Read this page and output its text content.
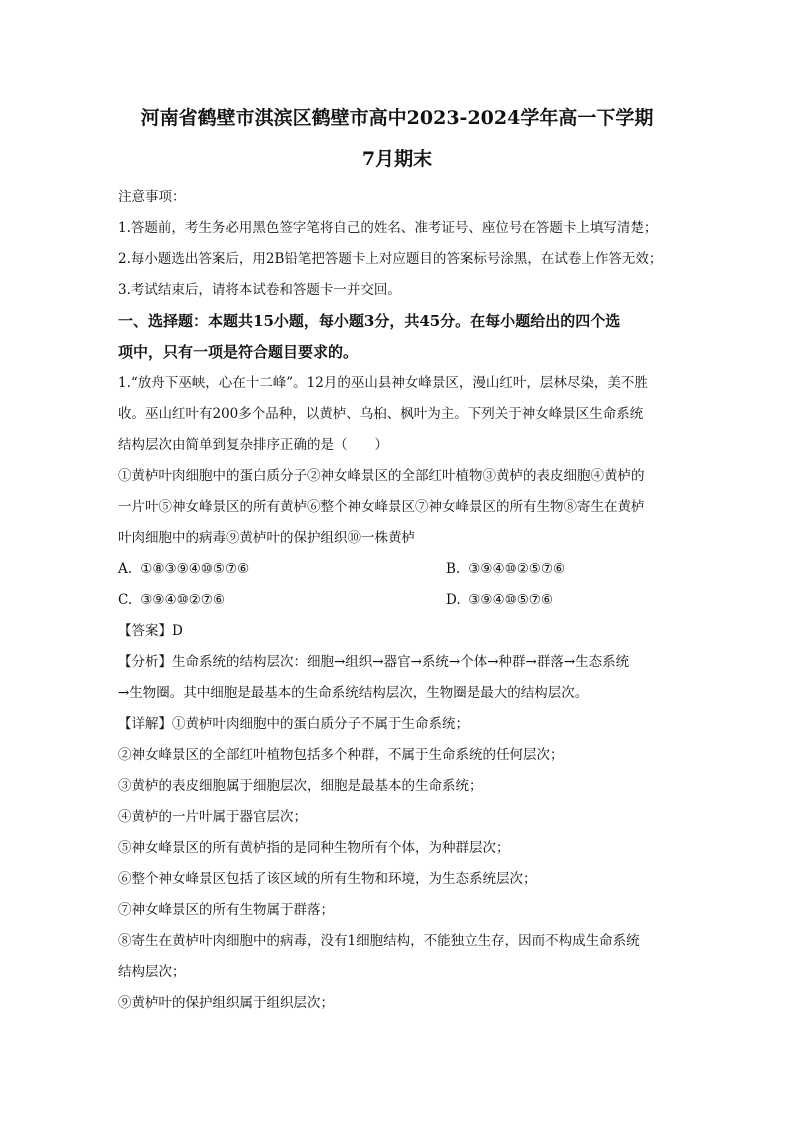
河南省鹤壁市淇滨区鹤壁市高中2023-2024学年高一下学期
7月期末
注意事项：
1.答题前，考生务必用黑色签字笔将自己的姓名、准考证号、座位号在答题卡上填写清楚；
2.每小题选出答案后，用2B铅笔把答题卡上对应题目的答案标号涂黑，在试卷上作答无效；
3.考试结束后，请将本试卷和答题卡一并交回。
一、选择题：本题共15小题，每小题3分，共45分。在每小题给出的四个选
项中，只有一项是符合题目要求的。
1.“放舟下巫峡，心在十二峰”。12月的巫山县神女峰景区，漫山红叶，层林尽染，美不胜
收。巫山红叶有200多个品种，以黄栌、乌桕、枫叶为主。下列关于神女峰景区生命系统
结构层次由简单到复杂排序正确的是（　　）
①黄栌叶肉细胞中的蛋白质分子②神女峰景区的全部红叶植物③黄栌的表皮细胞④黄栌的
一片叶⑤神女峰景区的所有黄栌⑥整个神女峰景区⑦神女峰景区的所有生物⑧寄生在黄栌
叶肉细胞中的病毒⑨黄栌叶的保护组织⑩一株黄栌
A. ①⑧③⑨④⑩⑤⑦⑥	B. ③⑨④⑩②⑤⑦⑥
C. ③⑨④⑩②⑦⑥	D. ③⑨④⑩⑤⑦⑥
【答案】D
【分析】生命系统的结构层次：细胞→组织→器官→系统→个体→种群→群落→生态系统
→生物圈。其中细胞是最基本的生命系统结构层次，生物圈是最大的结构层次。
【详解】①黄栌叶肉细胞中的蛋白质分子不属于生命系统；
②神女峰景区的全部红叶植物包括多个种群，不属于生命系统的任何层次；
③黄栌的表皮细胞属于细胞层次，细胞是最基本的生命系统；
④黄栌的一片叶属于器官层次；
⑤神女峰景区的所有黄栌指的是同种生物所有个体，为种群层次；
⑥整个神女峰景区包括了该区域的所有生物和环境，为生态系统层次；
⑦神女峰景区的所有生物属于群落；
⑧寄生在黄栌叶肉细胞中的病毒，没有1细胞结构，不能独立生存，因而不构成生命系统
结构层次；
⑨黄栌叶的保护组织属于组织层次；
